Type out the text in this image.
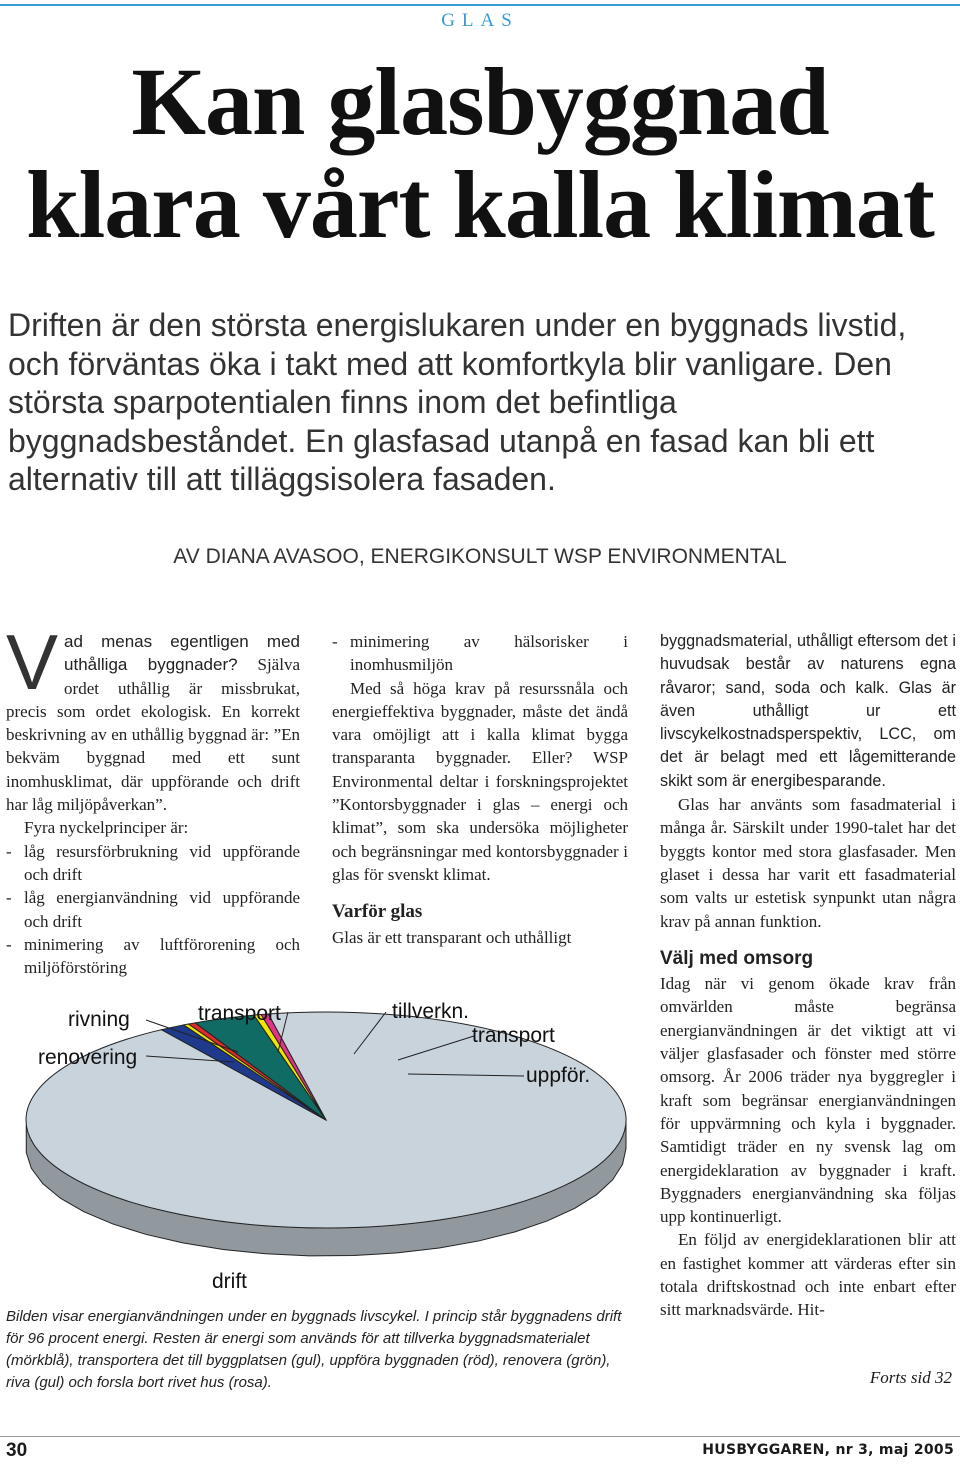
GLAS
Kan glasbyggnad
klara vårt kalla klimat
Driften är den största energislukaren under en byggnads livstid, och förväntas öka i takt med att komfortkyla blir vanligare. Den största sparpotentialen finns inom det befintliga byggnadsbeståndet. En glasfasad utanpå en fasad kan bli ett alternativ till att tilläggsisolera fasaden.
AV DIANA AVASOO, ENERGIKONSULT WSP ENVIRONMENTAL

Vad menas egentligen med uthålliga byggnader? Själva ordet uthållig är missbrukat, precis som ordet ekologisk. En korrekt beskrivning av en uthållig byggnad är: ”En bekväm byggnad med ett sunt inomhusklimat, där uppförande och drift har låg miljöpåverkan”.

Fyra nyckelprinciper är:

- låg resursförbrukning vid uppförande och drift
- låg energianvändning vid uppförande och drift
- minimering av luftförorening och miljöförstöring
- minimering av hälsorisker i inomhusmiljön

Med så höga krav på resurssnåla och energieffektiva byggnader, måste det ändå vara omöjligt att i kalla klimat bygga transparanta byggnader. Eller? WSP Environmental deltar i forskningsprojektet ”Kontorsbyggnader i glas – energi och klimat”, som ska undersöka möjligheter och begränsningar med kontorsbyggnader i glas för svenskt klimat.

Varför glas

Glas är ett transparant och uthålligt

byggnadsmaterial, uthålligt eftersom det i huvudsak består av naturens egna råvaror; sand, soda och kalk. Glas är även uthålligt ur ett livscykelkostnadsperspektiv, LCC, om det är belagt med ett lågemitterande skikt som är energibesparande.

Glas har använts som fasadmaterial i många år. Särskilt under 1990-talet har det byggts kontor med stora glasfasader. Men glaset i dessa har varit ett fasadmaterial som valts ur estetisk synpunkt utan några krav på annan funktion.

Välj med omsorg

Idag när vi genom ökade krav från omvärlden måste begränsa energianvändningen är det viktigt att vi väljer glasfasader och fönster med större omsorg. År 2006 träder nya byggregler i kraft som begränsar energianvändningen för uppvärmning och kyla i byggnader. Samtidigt träder en ny svensk lag om energideklaration av byggnader i kraft. Byggnaders energianvändning ska följas upp kontinuerligt.

En följd av energideklarationen blir att en fastighet kommer att värderas efter sin totala driftskostnad och inte enbart efter sitt marknadsvärde. Hit-

rivning	transport
renovering
tillverkn.
transport
uppför.
drift
Bilden visar energianvändningen under en byggnads livscykel. I princip står byggnadens drift för 96 procent energi. Resten är energi som används för att tillverka byggnadsmaterialet (mörkblå), transportera det till byggplatsen (gul), uppföra byggnaden (röd), renovera (grön), riva (gul) och forsla bort rivet hus (rosa).	Forts sid 32
30	HUSBYGGAREN, nr 3, maj 2005
